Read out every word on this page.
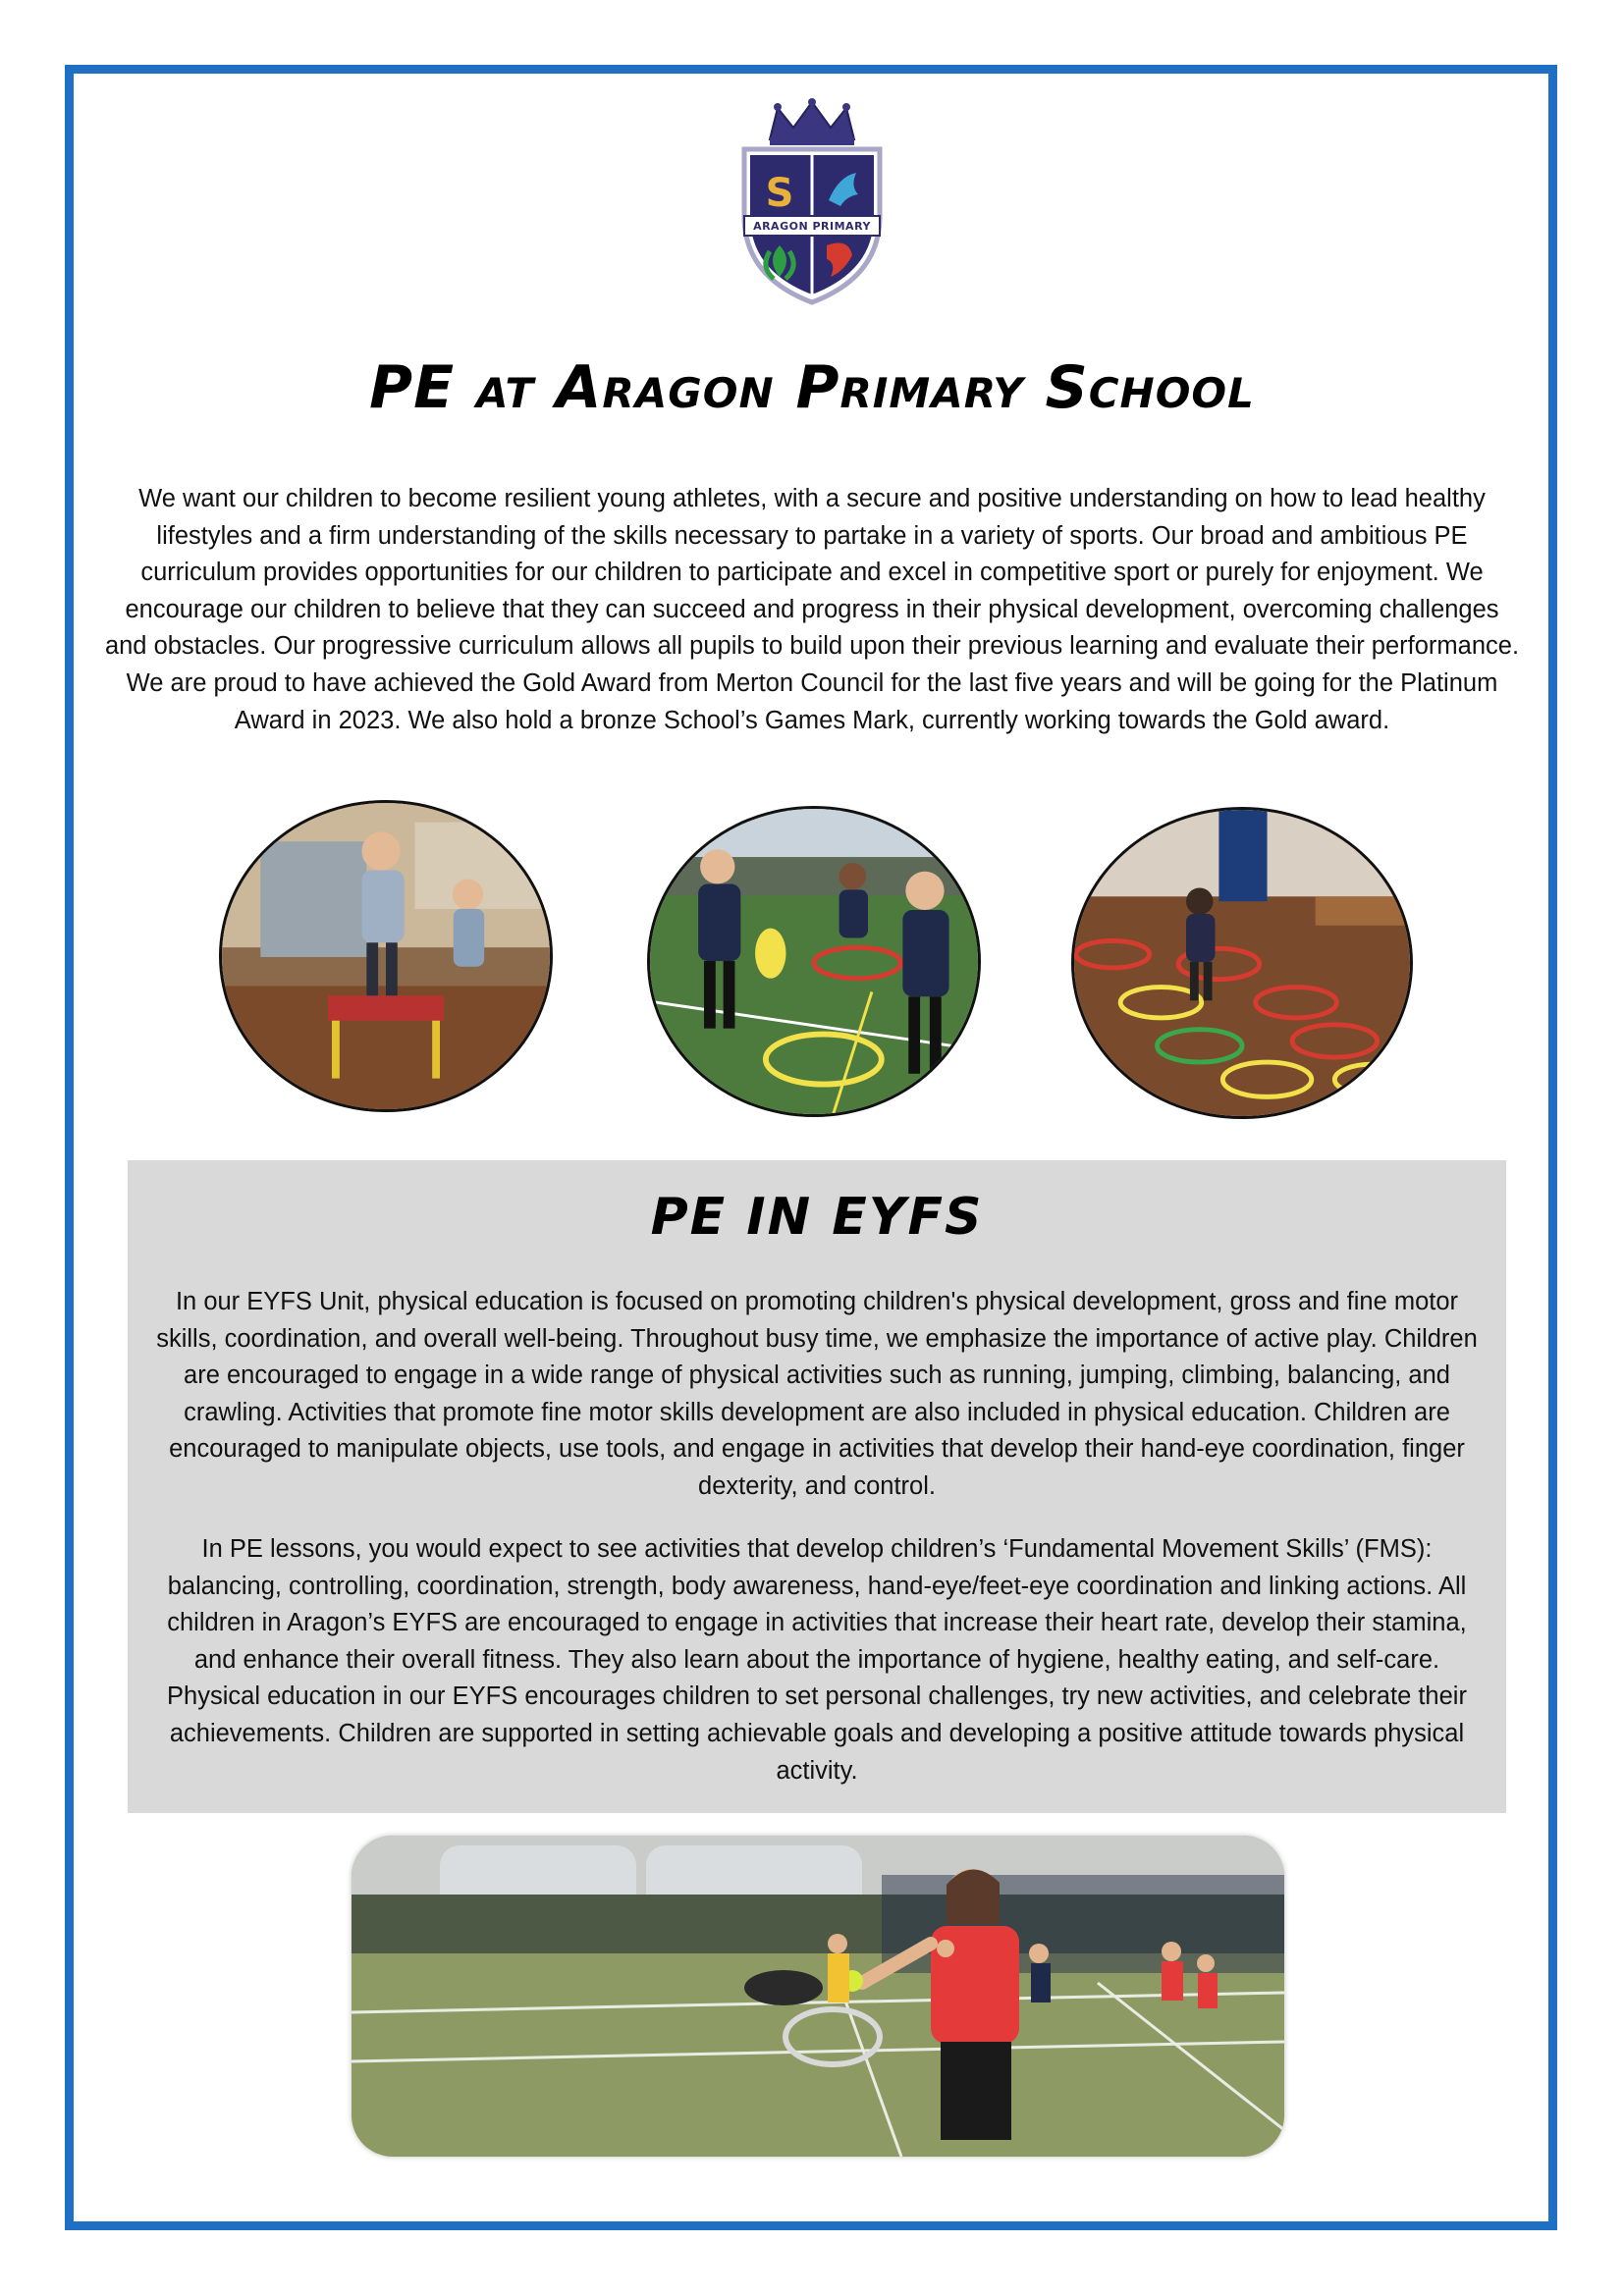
S
ARAGON PRIMARY
PE at Aragon Primary School

We want our children to become resilient young athletes, with a secure and positive understanding on how to lead healthy lifestyles and a firm understanding of the skills necessary to partake in a variety of sports. Our broad and ambitious PE curriculum provides opportunities for our children to participate and excel in competitive sport or purely for enjoyment. We encourage our children to believe that they can succeed and progress in their physical development, overcoming challenges and obstacles. Our progressive curriculum allows all pupils to build upon their previous learning and evaluate their performance. We are proud to have achieved the Gold Award from Merton Council for the last five years and will be going for the Platinum Award in 2023. We also hold a bronze School’s Games Mark, currently working towards the Gold award.

PE IN EYFS

In our EYFS Unit, physical education is focused on promoting children's physical development, gross and fine motor skills, coordination, and overall well-being. Throughout busy time, we emphasize the importance of active play. Children are encouraged to engage in a wide range of physical activities such as running, jumping, climbing, balancing, and crawling. Activities that promote fine motor skills development are also included in physical education. Children are encouraged to manipulate objects, use tools, and engage in activities that develop their hand-eye coordination, finger dexterity, and control.

In PE lessons, you would expect to see activities that develop children’s ‘Fundamental Movement Skills’ (FMS): balancing, controlling, coordination, strength, body awareness, hand-eye/feet-eye coordination and linking actions. All children in Aragon’s EYFS are encouraged to engage in activities that increase their heart rate, develop their stamina, and enhance their overall fitness. They also learn about the importance of hygiene, healthy eating, and self-care. Physical education in our EYFS encourages children to set personal challenges, try new activities, and celebrate their achievements. Children are supported in setting achievable goals and developing a positive attitude towards physical activity.
